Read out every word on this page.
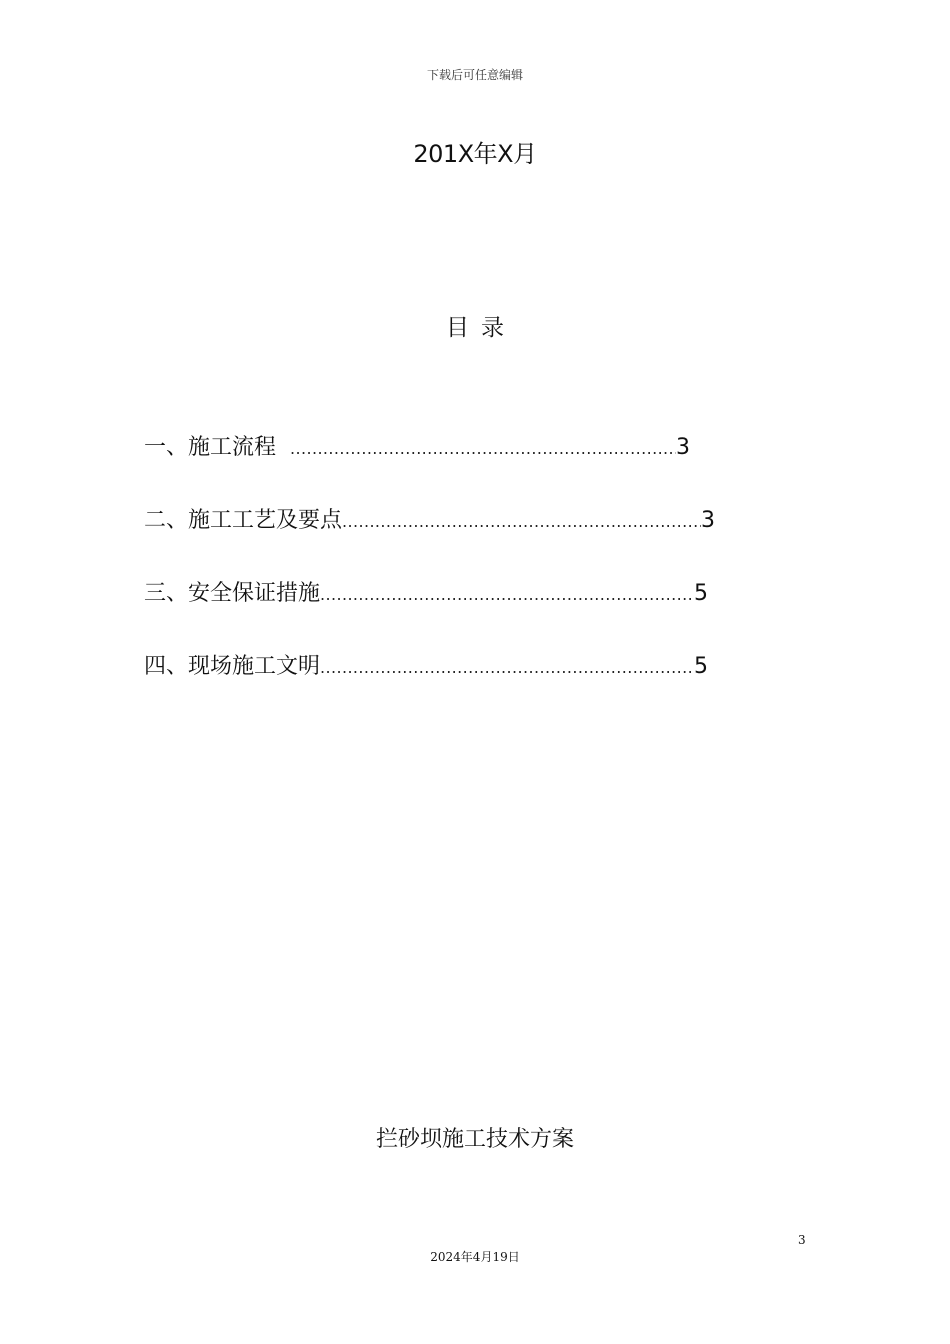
下载后可任意编辑
201X年X月
目录
一、施工流程 .....	3
二、施工工艺及要点 .....	3
三、安全保证措施 .....	5
四、现场施工文明 .....	5
拦砂坝施工技术方案
3
2024年4月19日
